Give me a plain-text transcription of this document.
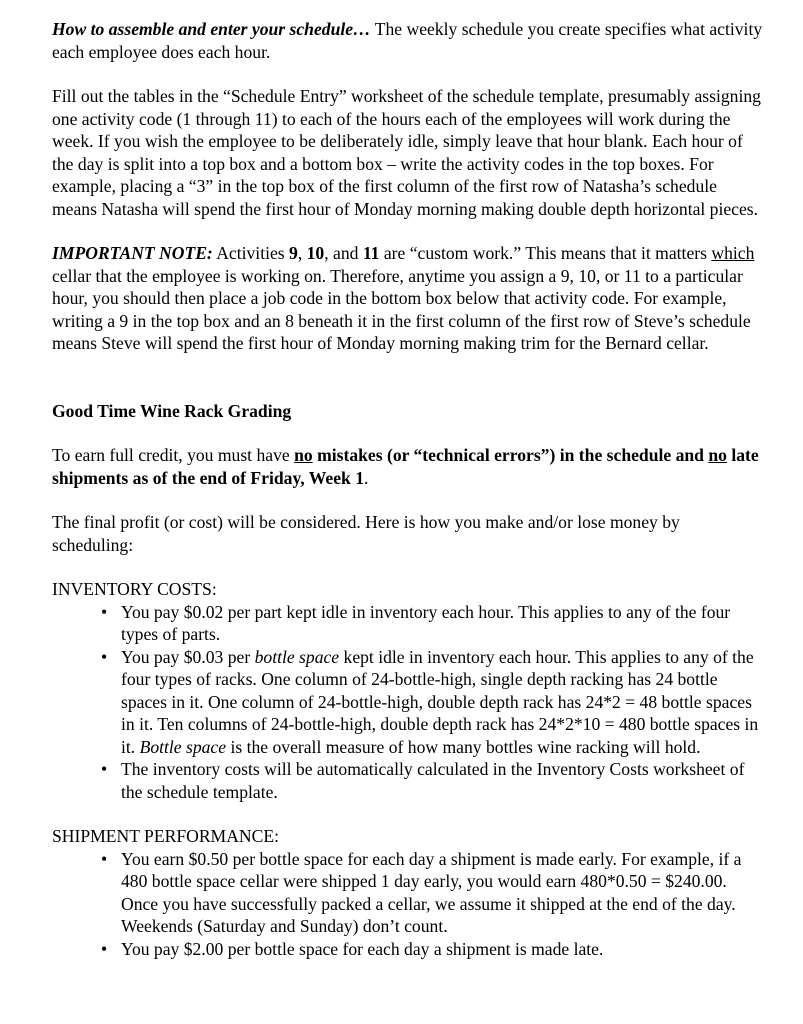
How to assemble and enter your schedule… The weekly schedule you create specifies what activity each employee does each hour.

Fill out the tables in the “Schedule Entry” worksheet of the schedule template, presumably assigning one activity code (1 through 11) to each of the hours each of the employees will work during the week. If you wish the employee to be deliberately idle, simply leave that hour blank. Each hour of the day is split into a top box and a bottom box – write the activity codes in the top boxes. For example, placing a “3” in the top box of the first column of the first row of Natasha’s schedule means Natasha will spend the first hour of Monday morning making double depth horizontal pieces.

IMPORTANT NOTE: Activities 9, 10, and 11 are “custom work.” This means that it matters which cellar that the employee is working on. Therefore, anytime you assign a 9, 10, or 11 to a particular hour, you should then place a job code in the bottom box below that activity code. For example, writing a 9 in the top box and an 8 beneath it in the first column of the first row of Steve’s schedule means Steve will spend the first hour of Monday morning making trim for the Bernard cellar.

Good Time Wine Rack Grading

To earn full credit, you must have no mistakes (or “technical errors”) in the schedule and no late shipments as of the end of Friday, Week 1.

The final profit (or cost) will be considered. Here is how you make and/or lose money by scheduling:

INVENTORY COSTS:

• You pay $0.02 per part kept idle in inventory each hour. This applies to any of the four types of parts.
• You pay $0.03 per bottle space kept idle in inventory each hour. This applies to any of the four types of racks. One column of 24-bottle-high, single depth racking has 24 bottle spaces in it. One column of 24-bottle-high, double depth rack has 24*2 = 48 bottle spaces in it. Ten columns of 24-bottle-high, double depth rack has 24*2*10 = 480 bottle spaces in it. Bottle space is the overall measure of how many bottles wine racking will hold.
• The inventory costs will be automatically calculated in the Inventory Costs worksheet of the schedule template.

SHIPMENT PERFORMANCE:

• You earn $0.50 per bottle space for each day a shipment is made early. For example, if a 480 bottle space cellar were shipped 1 day early, you would earn 480*0.50 = $240.00. Once you have successfully packed a cellar, we assume it shipped at the end of the day. Weekends (Saturday and Sunday) don’t count.
• You pay $2.00 per bottle space for each day a shipment is made late.
